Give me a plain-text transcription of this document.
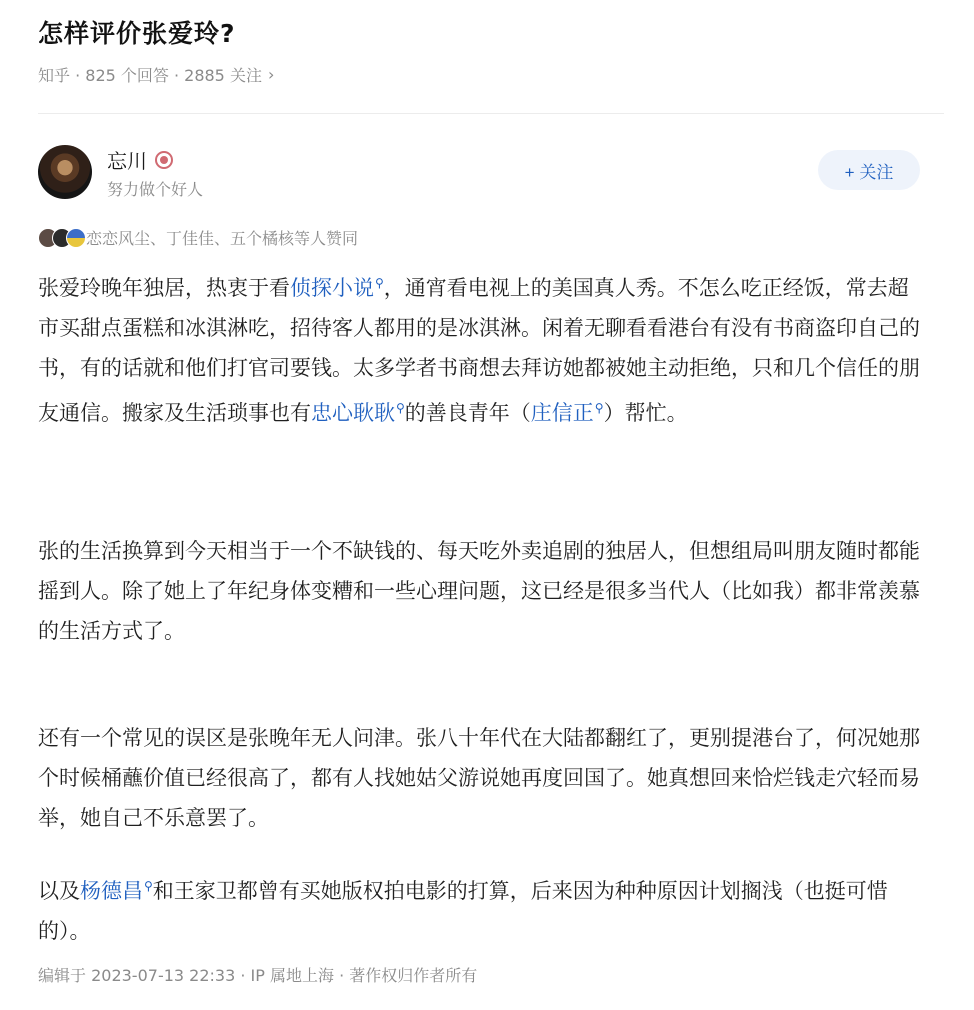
怎样评价张爱玲?
知乎 · 825 个回答 · 2885 关注 ›
忘川
努力做个好人
+ 关注
恋恋风尘、丁佳佳、五个橘核等人赞同

张爱玲晚年独居，热衷于看侦探小说⚲，通宵看电视上的美国真人秀。不怎么吃正经饭，常去超市买甜点蛋糕和冰淇淋吃，招待客人都用的是冰淇淋。闲着无聊看看港台有没有书商盗印自己的书，有的话就和他们打官司要钱。太多学者书商想去拜访她都被她主动拒绝，只和几个信任的朋友通信。搬家及生活琐事也有忠心耿耿⚲的善良青年（庄信正⚲）帮忙。

张的生活换算到今天相当于一个不缺钱的、每天吃外卖追剧的独居人，但想组局叫朋友随时都能摇到人。除了她上了年纪身体变糟和一些心理问题，这已经是很多当代人（比如我）都非常羡慕的生活方式了。

还有一个常见的误区是张晚年无人问津。张八十年代在大陆都翻红了，更别提港台了，何况她那个时候桶蘸价值已经很高了，都有人找她姑父游说她再度回国了。她真想回来恰烂钱走穴轻而易举，她自己不乐意罢了。

以及杨德昌⚲和王家卫都曾有买她版权拍电影的打算，后来因为种种原因计划搁浅（也挺可惜的）。

编辑于 2023-07-13 22:33 · IP 属地上海 · 著作权归作者所有
